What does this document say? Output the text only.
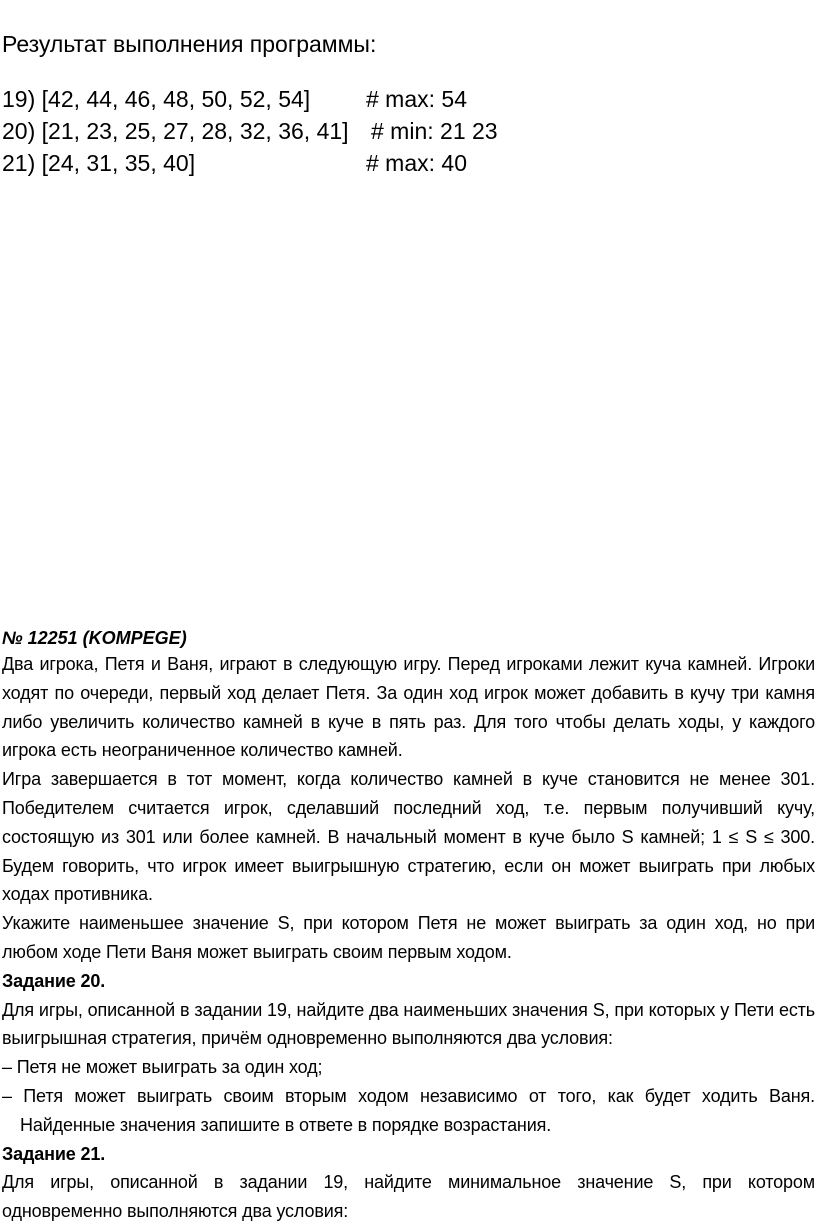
Результат выполнения программы:
19) [42, 44, 46, 48, 50, 52, 54] # max: 54
20) [21, 23, 25, 27, 28, 32, 36, 41] # min: 21 23
21) [24, 31, 35, 40]	# max: 40
№ 12251 (KOMPEGE)

Два игрока, Петя и Ваня, играют в следующую игру. Перед игроками лежит куча камней. Игроки ходят по очереди, первый ход делает Петя. За один ход игрок может добавить в кучу три камня либо увеличить количество камней в куче в пять раз. Для того чтобы делать ходы, у каждого игрока есть неограниченное количество камней.

Игра завершается в тот момент, когда количество камней в куче становится не менее 301. Победителем считается игрок, сделавший последний ход, т.е. первым получивший кучу, состоящую из 301 или более камней. В начальный момент в куче было S камней; 1 ≤ S ≤ 300. Будем говорить, что игрок имеет выигрышную стратегию, если он может выиграть при любых ходах противника.

Укажите наименьшее значение S, при котором Петя не может выиграть за один ход, но при любом ходе Пети Ваня может выиграть своим первым ходом.

Задание 20.

Для игры, описанной в задании 19, найдите два наименьших значения S, при которых у Пети есть выигрышная стратегия, причём одновременно выполняются два условия:

– Петя не может выиграть за один ход;

– Петя может выиграть своим вторым ходом независимо от того, как будет ходить Ваня. Найденные значения запишите в ответе в порядке возрастания.

Задание 21.

Для игры, описанной в задании 19, найдите минимальное значение S, при котором одновременно выполняются два условия:
